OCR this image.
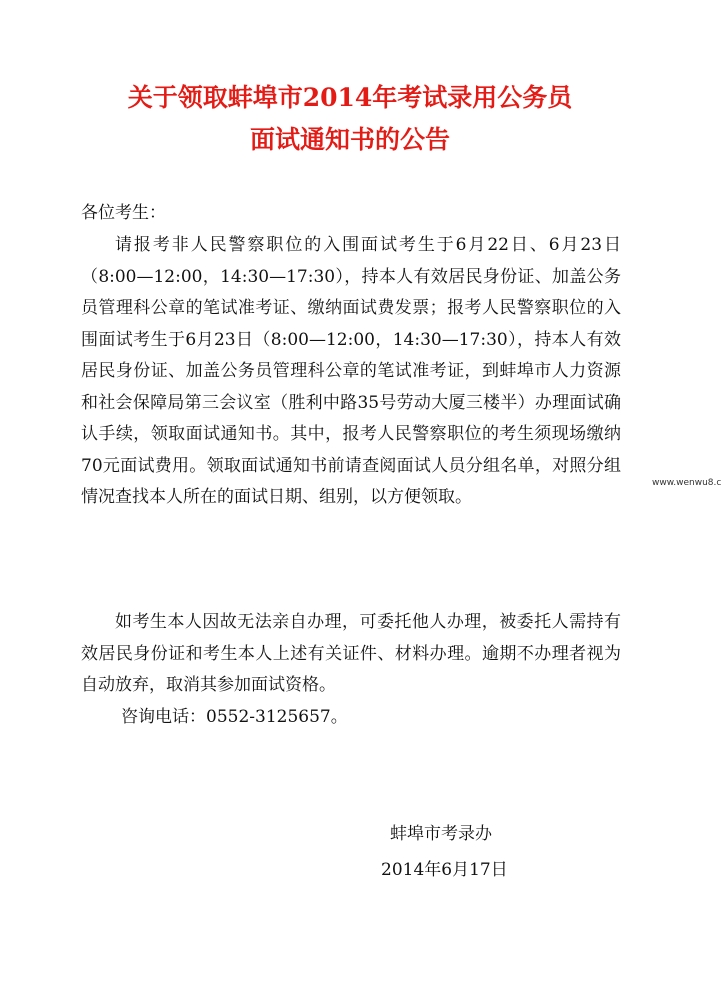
关于领取蚌埠市2014年考试录用公务员
面试通知书的公告
各位考生：
请报考非人民警察职位的入围面试考生于6月22日、6月23日（8:00—12:00，14:30—17:30），持本人有效居民身份证、加盖公务员管理科公章的笔试准考证、缴纳面试费发票；报考人民警察职位的入围面试考生于6月23日（8:00—12:00，14:30—17:30），持本人有效居民身份证、加盖公务员管理科公章的笔试准考证，到蚌埠市人力资源和社会保障局第三会议室（胜利中路35号劳动大厦三楼半）办理面试确认手续，领取面试通知书。其中，报考人民警察职位的考生须现场缴纳70元面试费用。领取面试通知书前请查阅面试人员分组名单，对照分组情况查找本人所在的面试日期、组别，以方便领取。
如考生本人因故无法亲自办理，可委托他人办理，被委托人需持有效居民身份证和考生本人上述有关证件、材料办理。逾期不办理者视为自动放弃，取消其参加面试资格。
咨询电话：0552-3125657。
蚌埠市考录办
2014年6月17日
www.wenwu8.c
